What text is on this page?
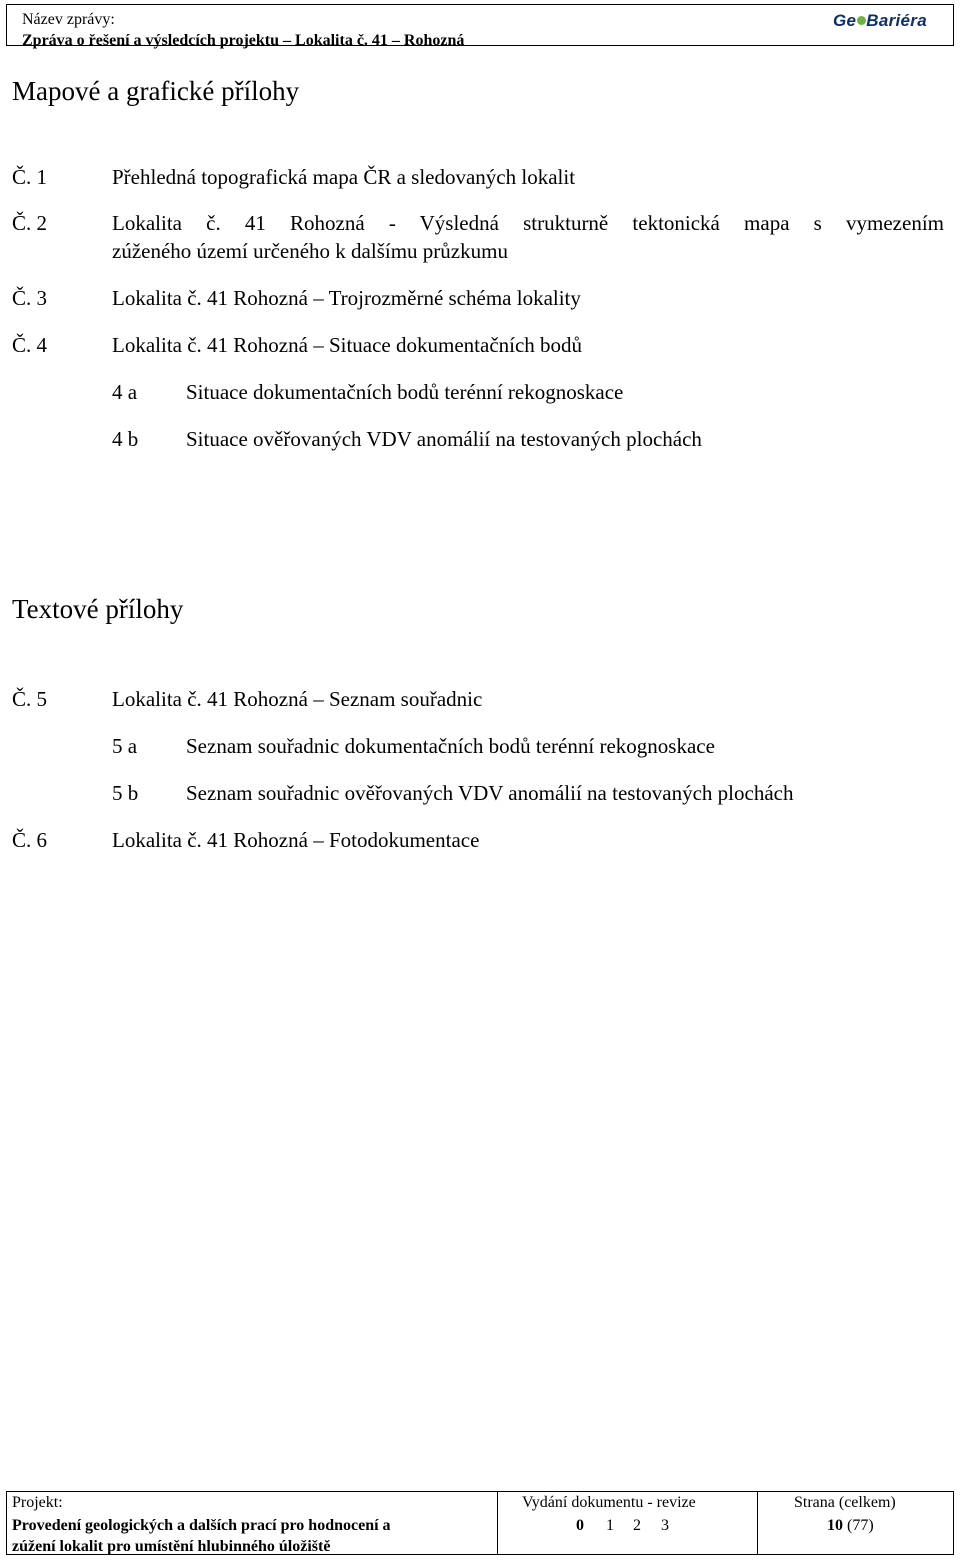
Název zprávy:
Zpráva o řešení a výsledcích projektu – Lokalita č. 41 – Rohozná
Ge Bariéra
Mapové a grafické přílohy
Č. 1	Přehledná topografická mapa ČR a sledovaných lokalit
Č. 2	Lokalita č. 41 Rohozná - Výsledná strukturně tektonická mapa s vymezením
zúženého území určeného k dalšímu průzkumu
Č. 3	Lokalita č. 41 Rohozná – Trojrozměrné schéma lokality
Č. 4	Lokalita č. 41 Rohozná – Situace dokumentačních bodů
4 a Situace dokumentačních bodů terénní rekognoskace
4 b Situace ověřovaných VDV anomálií na testovaných plochách
Textové přílohy
Č. 5	Lokalita č. 41 Rohozná – Seznam souřadnic
5 a Seznam souřadnic dokumentačních bodů terénní rekognoskace
5 b Seznam souřadnic ověřovaných VDV anomálií na testovaných plochách
Č. 6	Lokalita č. 41 Rohozná – Fotodokumentace
Projekt:
Provedení geologických a dalších prací pro hodnocení a
zúžení lokalit pro umístění hlubinného úložiště
Vydání dokumentu - revize
0 1 2 3
Strana (celkem)
10 (77)
